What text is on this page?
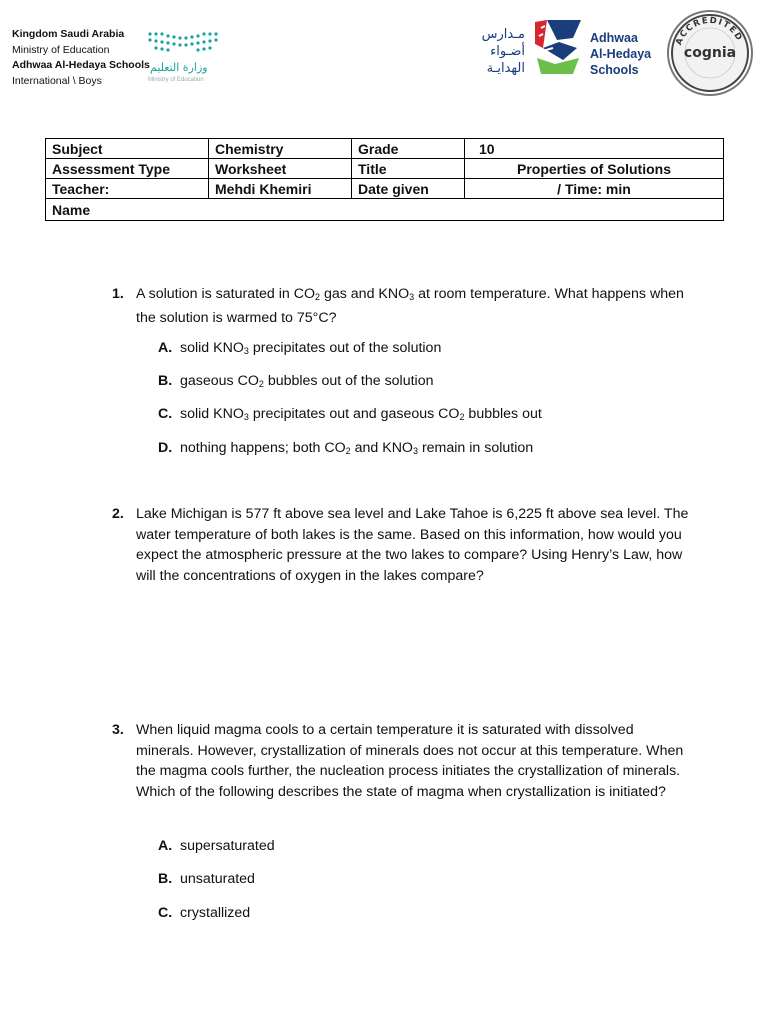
Kingdom Saudi Arabia
Ministry of Education
Adhwaa Al-Hedaya Schools
International \ Boys
وزارة التعليم
Ministry of Education
مـدارس
أضـواء
الهدايـة
Adhwaa
Al-Hedaya
Schools
ACCREDITED
cognia
Subject	Chemistry	Grade	10
Assessment Type	Worksheet	Title	Properties of Solutions
Teacher:	Mehdi Khemiri	Date given	/ Time: min
Name			
1. A solution is saturated in $CO_2$ gas and $KNO_3$ at room temperature. What happens when the solution is warmed to 75°C?
A. solid $KNO_3$ precipitates out of the solution
B. gaseous $CO_2$ bubbles out of the solution
C. solid $KNO_3$ precipitates out and gaseous $CO_2$ bubbles out
D. nothing happens; both $CO_2$ and $KNO_3$ remain in solution
2. Lake Michigan is 577 ft above sea level and Lake Tahoe is 6,225 ft above sea level. The water temperature of both lakes is the same. Based on this information, how would you expect the atmospheric pressure at the two lakes to compare? Using Henry’s Law, how will the concentrations of oxygen in the lakes compare?
3. When liquid magma cools to a certain temperature it is saturated with dissolved minerals. However, crystallization of minerals does not occur at this temperature. When the magma cools further, the nucleation process initiates the crystallization of minerals. Which of the following describes the state of magma when crystallization is initiated?
A. supersaturated
B. unsaturated
C. crystallized
